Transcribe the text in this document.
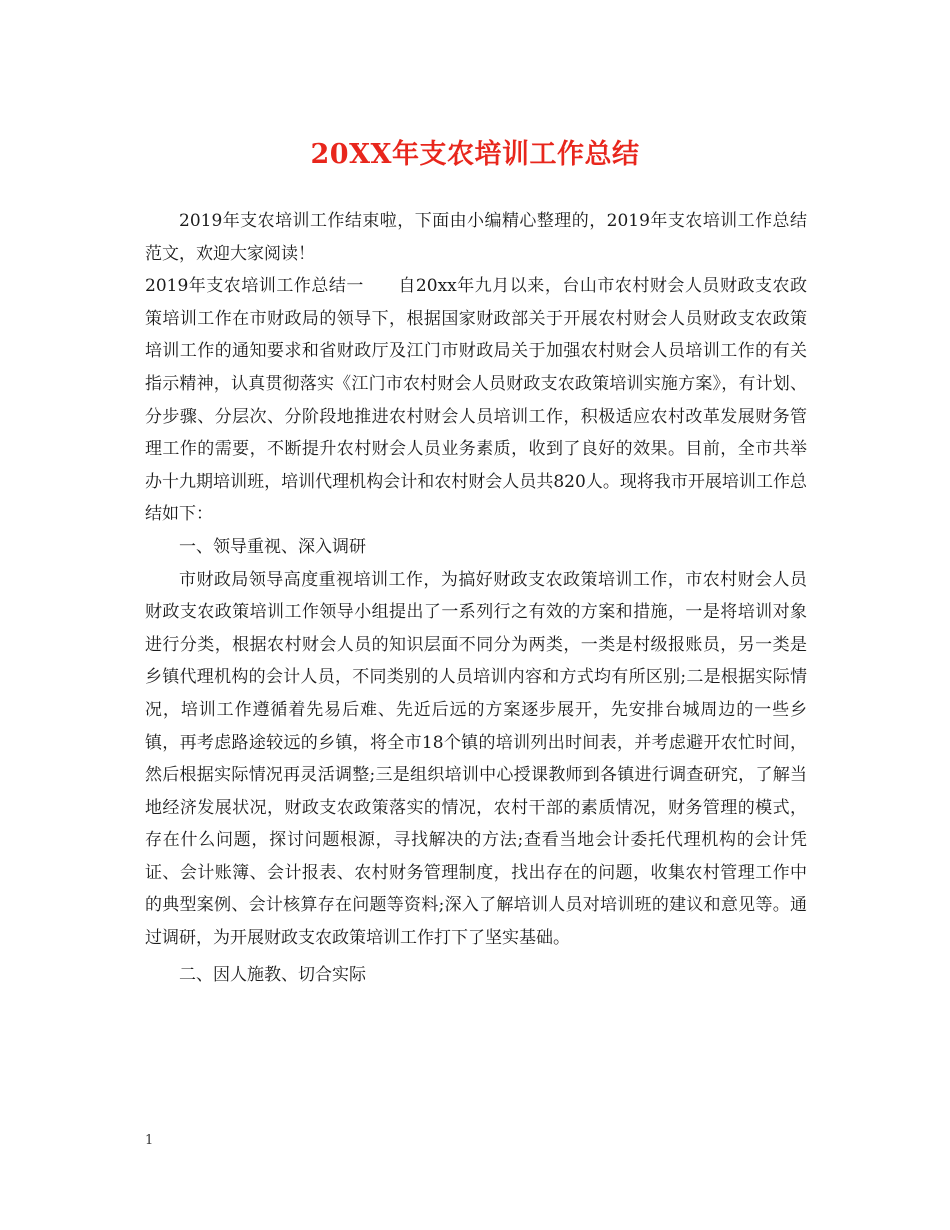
20XX年支农培训工作总结

2019年支农培训工作结束啦，下面由小编精心整理的，2019年支农培训工作总结范文，欢迎大家阅读！

2019年支农培训工作总结一 自20xx年九月以来，台山市农村财会人员财政支农政策培训工作在市财政局的领导下，根据国家财政部关于开展农村财会人员财政支农政策培训工作的通知要求和省财政厅及江门市财政局关于加强农村财会人员培训工作的有关指示精神，认真贯彻落实《江门市农村财会人员财政支农政策培训实施方案》，有计划、分步骤、分层次、分阶段地推进农村财会人员培训工作，积极适应农村改革发展财务管理工作的需要，不断提升农村财会人员业务素质，收到了良好的效果。目前，全市共举办十九期培训班，培训代理机构会计和农村财会人员共820人。现将我市开展培训工作总结如下：

一、领导重视、深入调研

市财政局领导高度重视培训工作，为搞好财政支农政策培训工作，市农村财会人员财政支农政策培训工作领导小组提出了一系列行之有效的方案和措施，一是将培训对象进行分类，根据农村财会人员的知识层面不同分为两类，一类是村级报账员，另一类是乡镇代理机构的会计人员，不同类别的人员培训内容和方式均有所区别;二是根据实际情况，培训工作遵循着先易后难、先近后远的方案逐步展开，先安排台城周边的一些乡镇，再考虑路途较远的乡镇，将全市18个镇的培训列出时间表，并考虑避开农忙时间，然后根据实际情况再灵活调整;三是组织培训中心授课教师到各镇进行调查研究，了解当地经济发展状况，财政支农政策落实的情况，农村干部的素质情况，财务管理的模式，存在什么问题，探讨问题根源，寻找解决的方法;查看当地会计委托代理机构的会计凭证、会计账簿、会计报表、农村财务管理制度，找出存在的问题，收集农村管理工作中的典型案例、会计核算存在问题等资料;深入了解培训人员对培训班的建议和意见等。通过调研，为开展财政支农政策培训工作打下了坚实基础。

二、因人施教、切合实际

1
